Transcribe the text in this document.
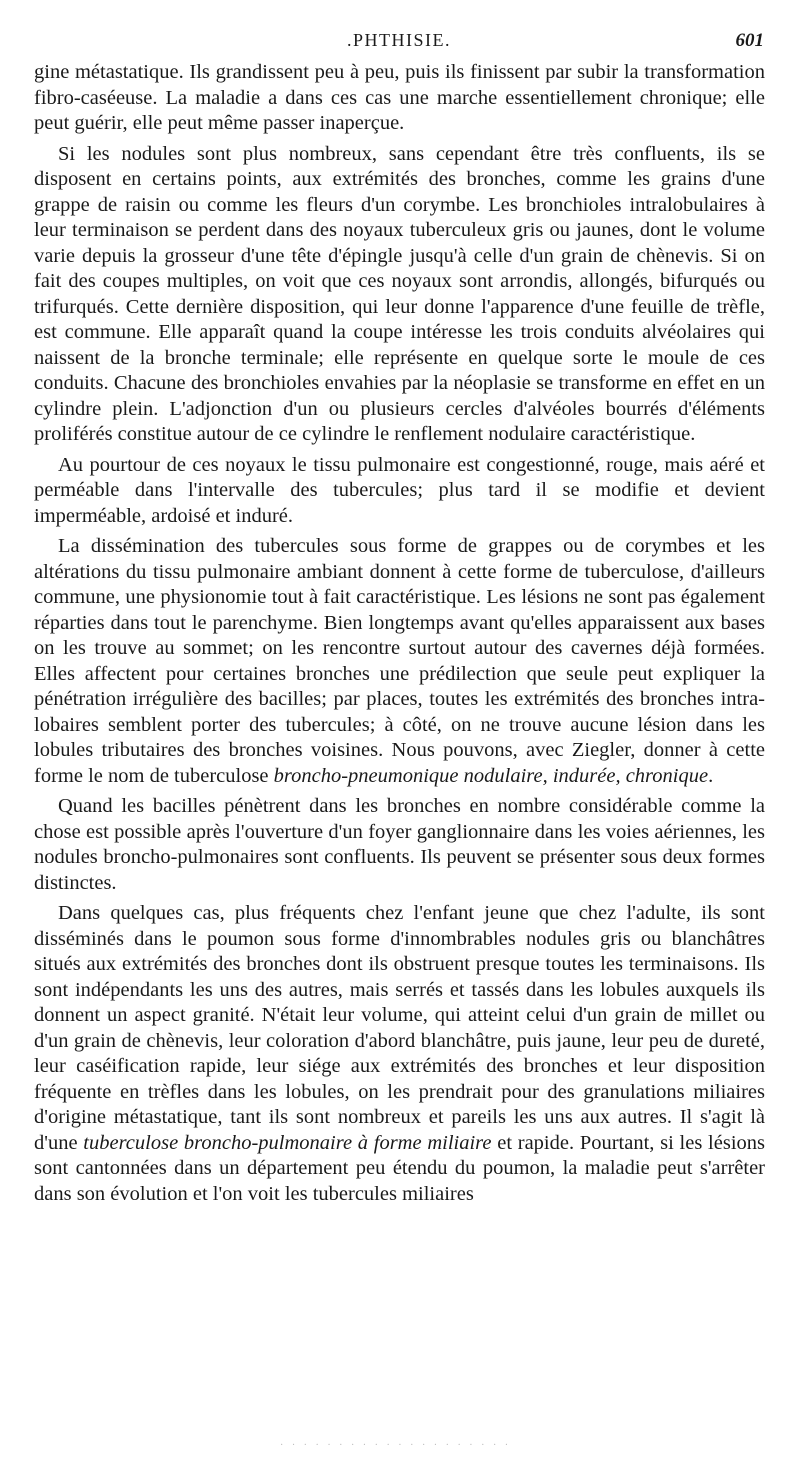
.PHTHISIE.	601

gine métastatique. Ils grandissent peu à peu, puis ils finissent par subir la transformation fibro-caséeuse. La maladie a dans ces cas une marche essentiellement chronique; elle peut guérir, elle peut même passer inaperçue.

Si les nodules sont plus nombreux, sans cependant être très confluents, ils se disposent en certains points, aux extrémités des bronches, comme les grains d'une grappe de raisin ou comme les fleurs d'un corymbe. Les bronchioles intralobulaires à leur terminaison se perdent dans des noyaux tuberculeux gris ou jaunes, dont le volume varie depuis la grosseur d'une tête d'épingle jusqu'à celle d'un grain de chènevis. Si on fait des coupes multiples, on voit que ces noyaux sont arrondis, allongés, bifurqués ou trifurqués. Cette dernière disposition, qui leur donne l'apparence d'une feuille de trèfle, est commune. Elle apparaît quand la coupe intéresse les trois conduits alvéolaires qui naissent de la bronche terminale; elle représente en quelque sorte le moule de ces conduits. Chacune des bronchioles envahies par la néoplasie se transforme en effet en un cylindre plein. L'adjonction d'un ou plusieurs cercles d'alvéoles bourrés d'éléments proliférés constitue autour de ce cylindre le renflement nodulaire caractéristique.

Au pourtour de ces noyaux le tissu pulmonaire est congestionné, rouge, mais aéré et perméable dans l'intervalle des tubercules; plus tard il se modifie et devient imperméable, ardoisé et induré.

La dissémination des tubercules sous forme de grappes ou de corymbes et les altérations du tissu pulmonaire ambiant donnent à cette forme de tuberculose, d'ailleurs commune, une physionomie tout à fait caractéristique. Les lésions ne sont pas également réparties dans tout le parenchyme. Bien longtemps avant qu'elles apparaissent aux bases on les trouve au sommet; on les rencontre surtout autour des cavernes déjà formées. Elles affectent pour certaines bronches une prédilection que seule peut expliquer la pénétration irrégulière des bacilles; par places, toutes les extrémités des bronches intra-lobaires semblent porter des tubercules; à côté, on ne trouve aucune lésion dans les lobules tributaires des bronches voisines. Nous pouvons, avec Ziegler, donner à cette forme le nom de tuberculose broncho-pneumonique nodulaire, indurée, chronique.

Quand les bacilles pénètrent dans les bronches en nombre considérable comme la chose est possible après l'ouverture d'un foyer ganglionnaire dans les voies aériennes, les nodules broncho-pulmonaires sont confluents. Ils peuvent se présenter sous deux formes distinctes.

Dans quelques cas, plus fréquents chez l'enfant jeune que chez l'adulte, ils sont disséminés dans le poumon sous forme d'innombrables nodules gris ou blanchâtres situés aux extrémités des bronches dont ils obstruent presque toutes les terminaisons. Ils sont indépendants les uns des autres, mais serrés et tassés dans les lobules auxquels ils donnent un aspect granité. N'était leur volume, qui atteint celui d'un grain de millet ou d'un grain de chènevis, leur coloration d'abord blanchâtre, puis jaune, leur peu de dureté, leur caséification rapide, leur siége aux extrémités des bronches et leur disposition fréquente en trèfles dans les lobules, on les prendrait pour des granulations miliaires d'origine métastatique, tant ils sont nombreux et pareils les uns aux autres. Il s'agit là d'une tuberculose broncho-pulmonaire à forme miliaire et rapide. Pourtant, si les lésions sont cantonnées dans un département peu étendu du poumon, la maladie peut s'arrêter dans son évolution et l'on voit les tubercules miliaires

· · · · · · · · · · · · · · · · · · · ·
